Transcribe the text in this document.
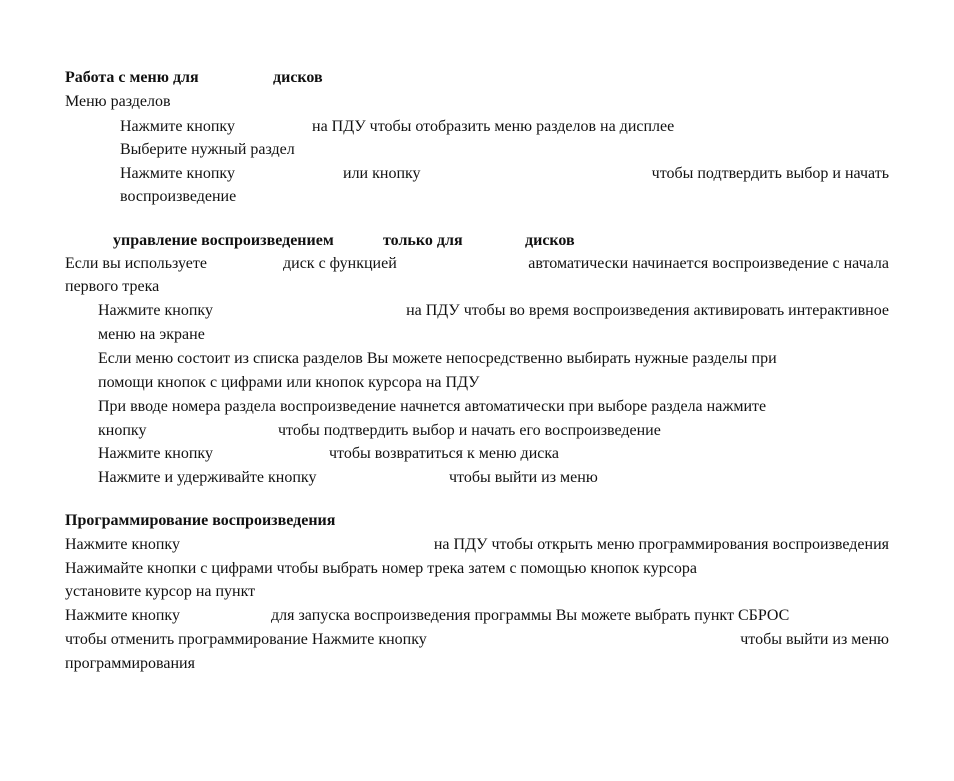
Работа с меню для	дисков
Меню разделов
Нажмите кнопку	на ПДУ чтобы отобразить меню разделов на дисплее
Выберите нужный раздел
Нажмите кнопку	или кнопку	чтобы подтвердить выбор и начать
воспроизведение
управление воспроизведением	только для	дисков
Если вы используете	диск с функцией	автоматически начинается воспроизведение с начала
первого трека
Нажмите кнопку	на ПДУ чтобы во время воспроизведения активировать интерактивное
меню на экране
Если меню состоит из списка разделов Вы можете непосредственно выбирать нужные разделы при
помощи кнопок с цифрами или кнопок курсора на ПДУ
При вводе номера раздела воспроизведение начнется автоматически при выборе раздела нажмите
кнопку	чтобы подтвердить выбор и начать его воспроизведение
Нажмите кнопку	чтобы возвратиться к меню диска
Нажмите и удерживайте кнопку	чтобы выйти из меню
Программирование воспроизведения
Нажмите кнопку	на ПДУ чтобы открыть меню программирования воспроизведения
Нажимайте кнопки с цифрами чтобы выбрать номер трека затем с помощью кнопок курсора
установите курсор на пункт
Нажмите кнопку	для запуска воспроизведения программы Вы можете выбрать пункт СБРОС
чтобы отменить программирование Нажмите кнопку	чтобы выйти из меню
программирования
